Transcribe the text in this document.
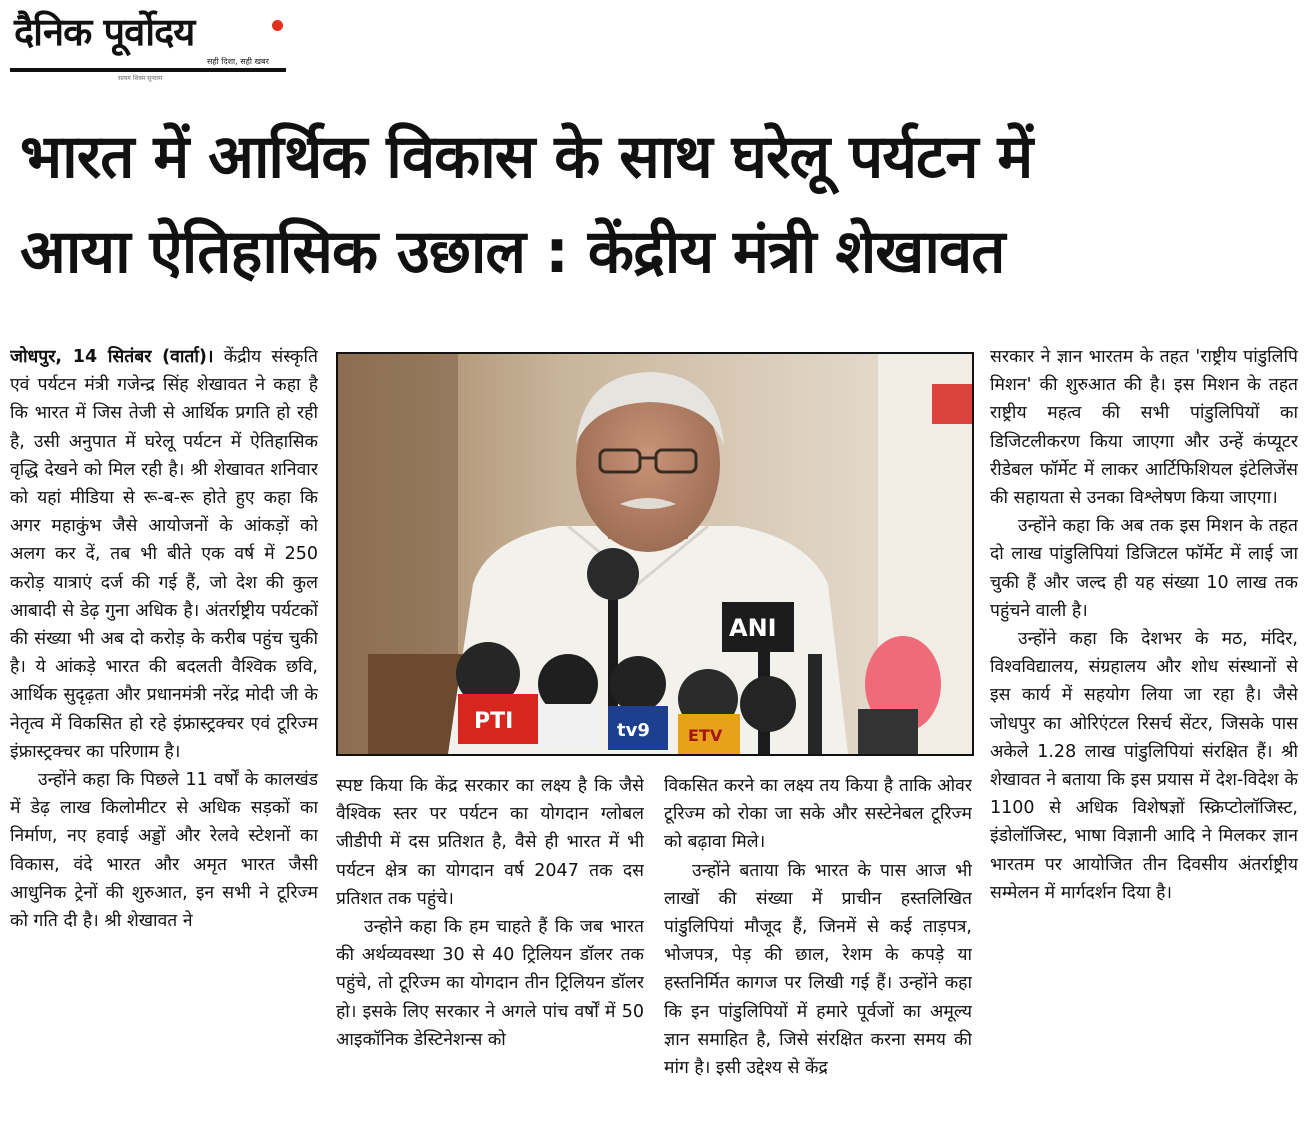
दैनिक पूर्वोदय
सही दिशा, सही खबर
सत्यम शिवम सुन्दरम
भारत में आर्थिक विकास के साथ घरेलू पर्यटन में
आया ऐतिहासिक उछाल : केंद्रीय मंत्री शेखावत

जोधपुर, 14 सितंबर (वार्ता)। केंद्रीय संस्कृति एवं पर्यटन मंत्री गजेन्द्र सिंह शेखावत ने कहा है कि भारत में जिस तेजी से आर्थिक प्रगति हो रही है, उसी अनुपात में घरेलू पर्यटन में ऐतिहासिक वृद्धि देखने को मिल रही है। श्री शेखावत शनिवार को यहां मीडिया से रू-ब-रू होते हुए कहा कि अगर महाकुंभ जैसे आयोजनों के आंकड़ों को अलग कर दें, तब भी बीते एक वर्ष में 250 करोड़ यात्राएं दर्ज की गई हैं, जो देश की कुल आबादी से डेढ़ गुना अधिक है। अंतर्राष्ट्रीय पर्यटकों की संख्या भी अब दो करोड़ के करीब पहुंच चुकी है। ये आंकड़े भारत की बदलती वैश्विक छवि, आर्थिक सुदृढ़ता और प्रधानमंत्री नरेंद्र मोदी जी के नेतृत्व में विकसित हो रहे इंफ्रास्ट्रक्चर एवं टूरिज्म इंफ्रास्ट्रक्चर का परिणाम है।

उन्होंने कहा कि पिछले 11 वर्षों के कालखंड में डेढ़ लाख किलोमीटर से अधिक सड़कों का निर्माण, नए हवाई अड्डों और रेलवे स्टेशनों का विकास, वंदे भारत और अमृत भारत जैसी आधुनिक ट्रेनों की शुरुआत, इन सभी ने टूरिज्म को गति दी है। श्री शेखावत ने

ANI
PTI	tv9 ETV

स्पष्ट किया कि केंद्र सरकार का लक्ष्य है कि जैसे वैश्विक स्तर पर पर्यटन का योगदान ग्लोबल जीडीपी में दस प्रतिशत है, वैसे ही भारत में भी पर्यटन क्षेत्र का योगदान वर्ष 2047 तक दस प्रतिशत तक पहुंचे।

उन्होने कहा कि हम चाहते हैं कि जब भारत की अर्थव्यवस्था 30 से 40 ट्रिलियन डॉलर तक पहुंचे, तो टूरिज्म का योगदान तीन ट्रिलियन डॉलर हो। इसके लिए सरकार ने अगले पांच वर्षों में 50 आइकॉनिक डेस्टिनेशन्स को

विकसित करने का लक्ष्य तय किया है ताकि ओवर टूरिज्म को रोका जा सके और सस्टेनेबल टूरिज्म को बढ़ावा मिले।

उन्होंने बताया कि भारत के पास आज भी लाखों की संख्या में प्राचीन हस्तलिखित पांडुलिपियां मौजूद हैं, जिनमें से कई ताड़पत्र, भोजपत्र, पेड़ की छाल, रेशम के कपड़े या हस्तनिर्मित कागज पर लिखी गई हैं। उन्होंने कहा कि इन पांडुलिपियों में हमारे पूर्वजों का अमूल्य ज्ञान समाहित है, जिसे संरक्षित करना समय की मांग है। इसी उद्देश्य से केंद्र

सरकार ने ज्ञान भारतम के तहत 'राष्ट्रीय पांडुलिपि मिशन' की शुरुआत की है। इस मिशन के तहत राष्ट्रीय महत्व की सभी पांडुलिपियों का डिजिटलीकरण किया जाएगा और उन्हें कंप्यूटर रीडेबल फॉर्मेट में लाकर आर्टिफिशियल इंटेलिजेंस की सहायता से उनका विश्लेषण किया जाएगा।

उन्होंने कहा कि अब तक इस मिशन के तहत दो लाख पांडुलिपियां डिजिटल फॉर्मेट में लाई जा चुकी हैं और जल्द ही यह संख्या 10 लाख तक पहुंचने वाली है।

उन्होंने कहा कि देशभर के मठ, मंदिर, विश्वविद्यालय, संग्रहालय और शोध संस्थानों से इस कार्य में सहयोग लिया जा रहा है। जैसे जोधपुर का ओरिएंटल रिसर्च सेंटर, जिसके पास अकेले 1.28 लाख पांडुलिपियां संरक्षित हैं। श्री शेखावत ने बताया कि इस प्रयास में देश-विदेश के 1100 से अधिक विशेषज्ञों स्क्रिप्टोलॉजिस्ट, इंडोलॉजिस्ट, भाषा विज्ञानी आदि ने मिलकर ज्ञान भारतम पर आयोजित तीन दिवसीय अंतर्राष्ट्रीय सम्मेलन में मार्गदर्शन दिया है।
